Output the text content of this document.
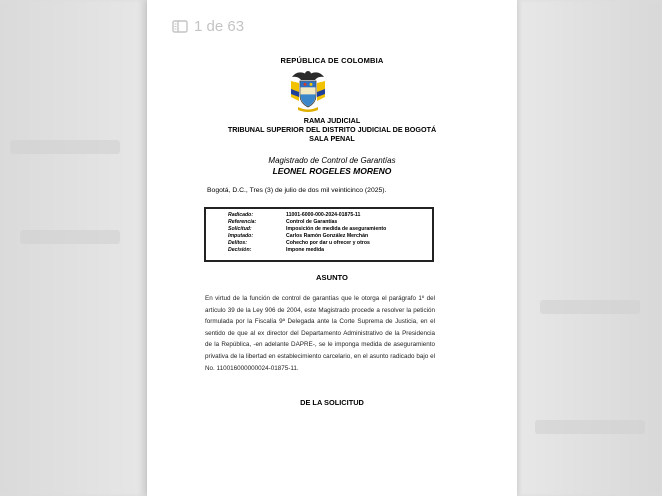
1 de 63
REPÚBLICA DE COLOMBIA
RAMA JUDICIAL
TRIBUNAL SUPERIOR DEL DISTRITO JUDICIAL DE BOGOTÁ
SALA PENAL
Magistrado de Control de Garantías
LEONEL ROGELES MORENO
Bogotá, D.C., Tres (3) de julio de dos mil veinticinco (2025).
Radicado:	11001-6000-000-2024-01875-11
Referencia:	Control de Garantías
Solicitud:	Imposición de medida de aseguramiento
Imputado:	Carlos Ramón González Merchán
Delitos:	Cohecho por dar u ofrecer y otros
Decisión:	Impone medida
ASUNTO
En virtud de la función de control de garantías que le otorga el parágrafo 1º del artículo 39 de la Ley 906 de 2004, este Magistrado procede a resolver la petición formulada por la Fiscalía 9ª Delegada ante la Corte Suprema de Justicia, en el sentido de que al ex director del Departamento Administrativo de la Presidencia de la República, -en adelante DAPRE-, se le imponga medida de aseguramiento privativa de la libertad en establecimiento carcelario, en el asunto radicado bajo el No. 110016000000024-01875-11.
DE LA SOLICITUD
